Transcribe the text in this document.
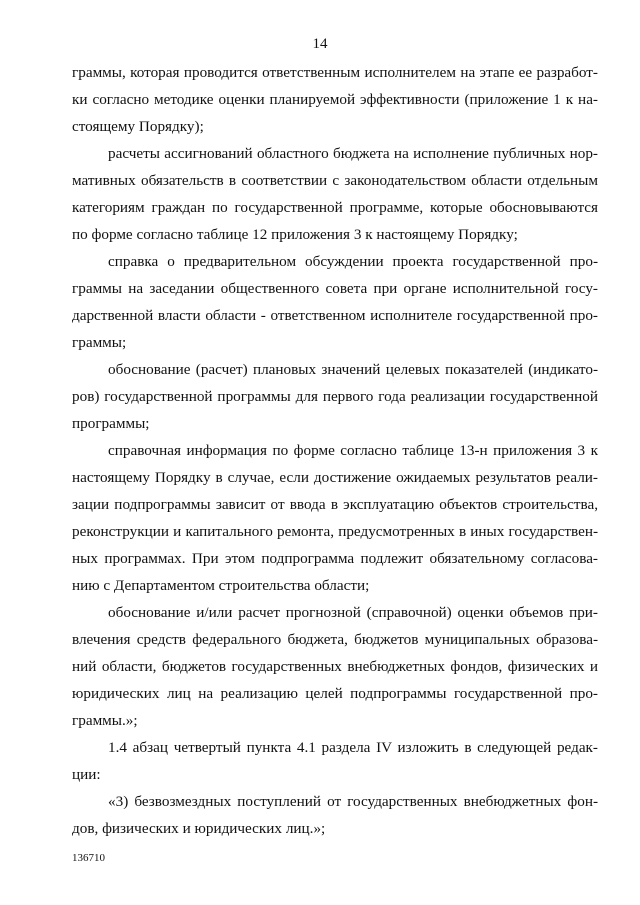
14
граммы, которая проводится ответственным исполнителем на этапе ее разработ-
ки согласно методике оценки планируемой эффективности (приложение 1 к на-
стоящему Порядку);
расчеты ассигнований областного бюджета на исполнение публичных нор-
мативных обязательств в соответствии с законодательством области отдельным
категориям граждан по государственной программе, которые обосновываются
по форме согласно таблице 12 приложения 3 к настоящему Порядку;
справка о предварительном обсуждении проекта государственной про-
граммы на заседании общественного совета при органе исполнительной госу-
дарственной власти области - ответственном исполнителе государственной про-
граммы;
обоснование (расчет) плановых значений целевых показателей (индикато-
ров) государственной программы для первого года реализации государственной
программы;
справочная информация по форме согласно таблице 13-н приложения 3 к
настоящему Порядку в случае, если достижение ожидаемых результатов реали-
зации подпрограммы зависит от ввода в эксплуатацию объектов строительства,
реконструкции и капитального ремонта, предусмотренных в иных государствен-
ных программах. При этом подпрограмма подлежит обязательному согласова-
нию с Департаментом строительства области;
обоснование и/или расчет прогнозной (справочной) оценки объемов при-
влечения средств федерального бюджета, бюджетов муниципальных образова-
ний области, бюджетов государственных внебюджетных фондов, физических и
юридических лиц на реализацию целей подпрограммы государственной про-
граммы.»;
1.4 абзац четвертый пункта 4.1 раздела IV изложить в следующей редак-
ции:
«3) безвозмездных поступлений от государственных внебюджетных фон-
дов, физических и юридических лиц.»;
136710
